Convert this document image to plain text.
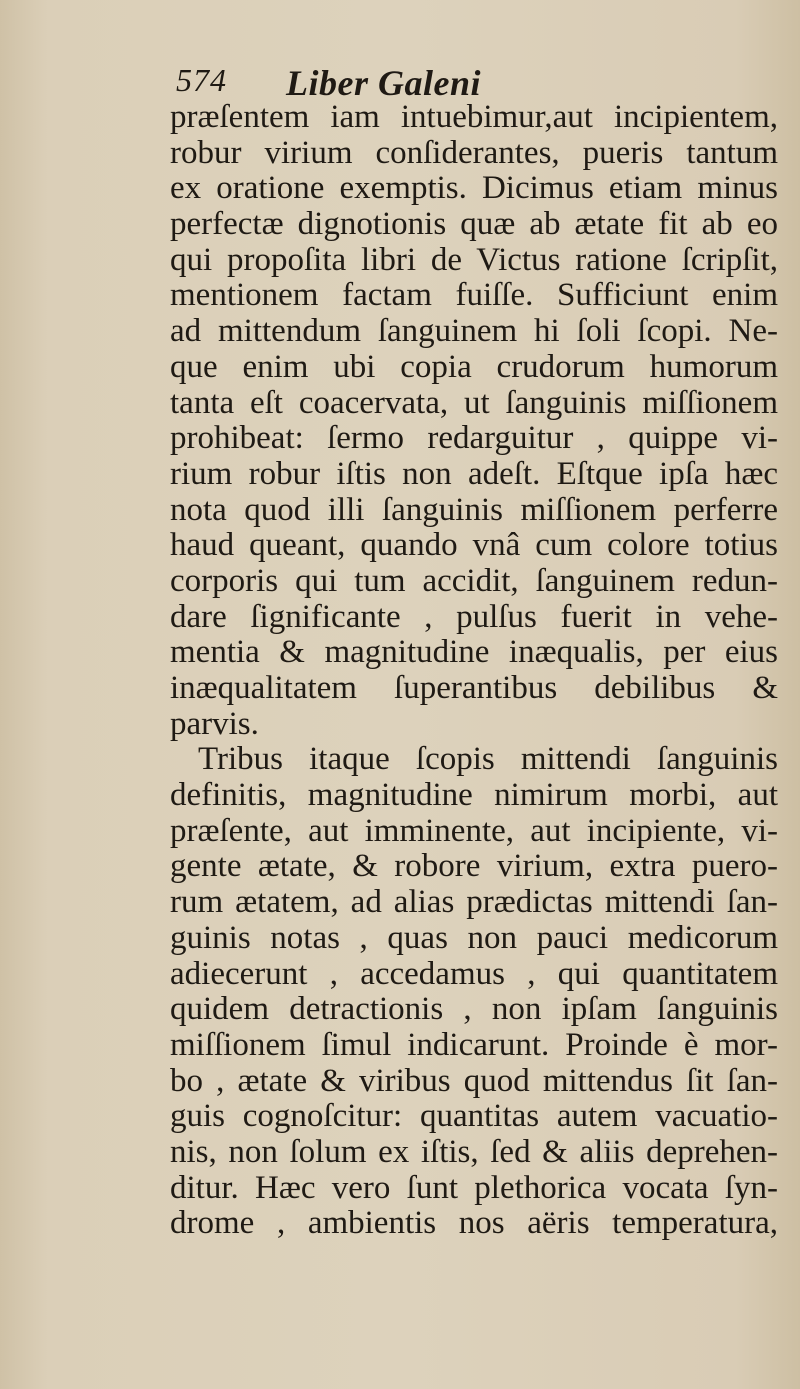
574 Liber Galeni
præſentem iam intuebimur,aut incipientem,
robur virium conſiderantes, pueris tantum
ex oratione exemptis. Dicimus etiam minus
perfectæ dignotionis quæ ab ætate fit ab eo
qui propoſita libri de Victus ratione ſcripſit,
mentionem factam fuiſſe. Sufficiunt enim
ad mittendum ſanguinem hi ſoli ſcopi. Ne-
que enim ubi copia crudorum humorum
tanta eſt coacervata, ut ſanguinis miſſionem
prohibeat: ſermo redarguitur , quippe vi-
rium robur iſtis non adeſt. Eſtque ipſa hæc
nota quod illi ſanguinis miſſionem perferre
haud queant, quando vnâ cum colore totius
corporis qui tum accidit, ſanguinem redun-
dare ſignificante , pulſus fuerit in vehe-
mentia & magnitudine inæqualis, per eius
inæqualitatem ſuperantibus debilibus &
parvis.
Tribus itaque ſcopis mittendi ſanguinis
definitis, magnitudine nimirum morbi, aut
præſente, aut imminente, aut incipiente, vi-
gente ætate, & robore virium, extra puero-
rum ætatem, ad alias prædictas mittendi ſan-
guinis notas , quas non pauci medicorum
adiecerunt , accedamus , qui quantitatem
quidem detractionis , non ipſam ſanguinis
miſſionem ſimul indicarunt. Proinde è mor-
bo , ætate & viribus quod mittendus ſit ſan-
guis cognoſcitur: quantitas autem vacuatio-
nis, non ſolum ex iſtis, ſed & aliis deprehen-
ditur. Hæc vero ſunt plethorica vocata ſyn-
drome , ambientis nos aëris temperatura,
